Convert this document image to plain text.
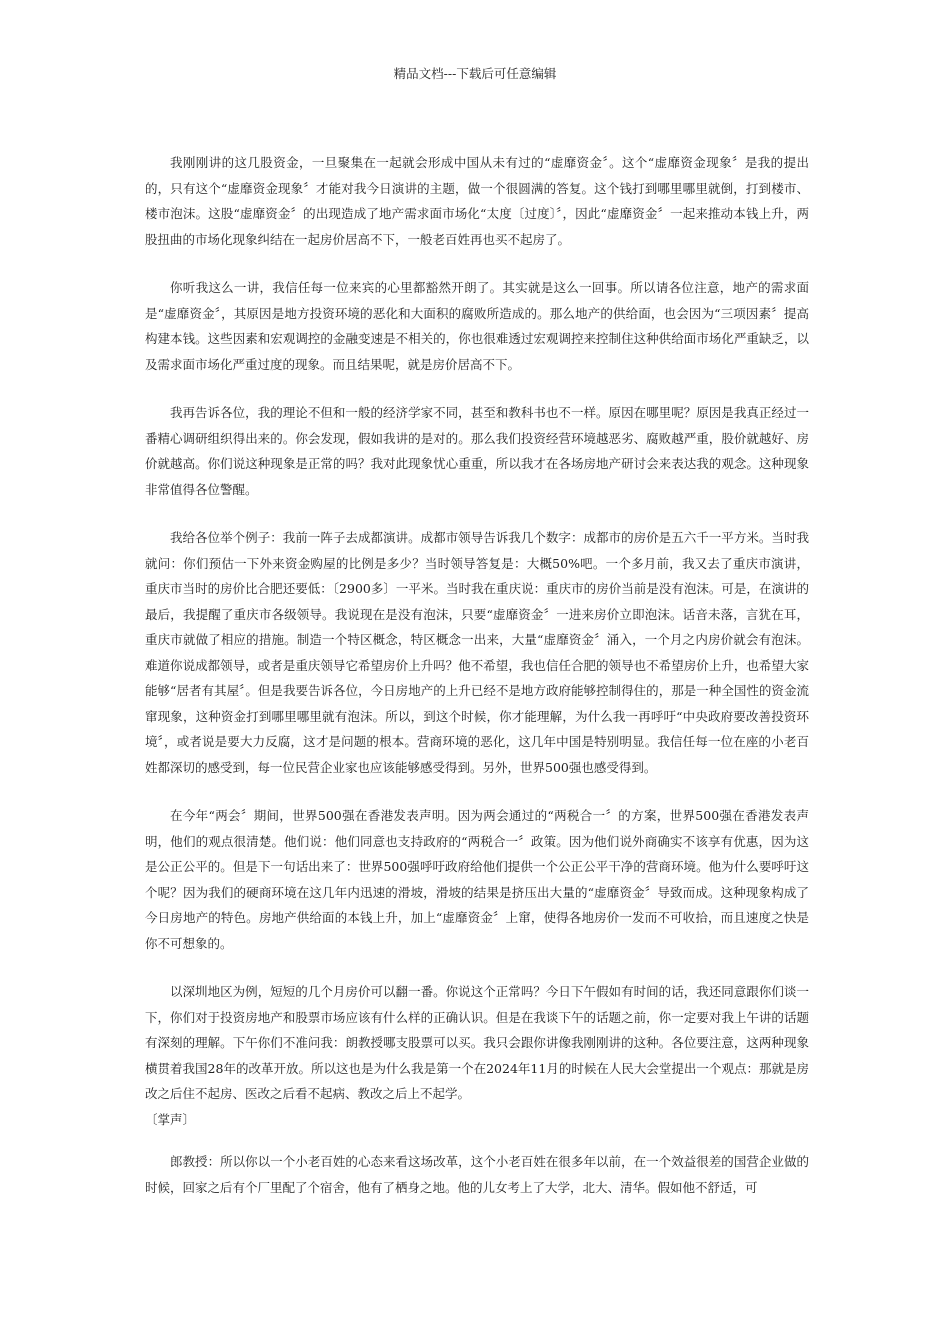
精品文档---下载后可任意编辑

我刚刚讲的这几股资金，一旦聚集在一起就会形成中国从未有过的“虚靡资金〞。这个“虚靡资金现象〞是我的提出的，只有这个“虚靡资金现象〞才能对我今日演讲的主题，做一个很圆满的答复。这个钱打到哪里哪里就倒，打到楼市、楼市泡沫。这股“虚靡资金〞的出现造成了地产需求面市场化“太度〔过度〕〞，因此“虚靡资金〞一起来推动本钱上升，两股扭曲的市场化现象纠结在一起房价居高不下，一般老百姓再也买不起房了。

你听我这么一讲，我信任每一位来宾的心里都豁然开朗了。其实就是这么一回事。所以请各位注意，地产的需求面是“虚靡资金〞，其原因是地方投资环境的恶化和大面积的腐败所造成的。那么地产的供给面，也会因为“三项因素〞提高构建本钱。这些因素和宏观调控的金融变速是不相关的，你也很难透过宏观调控来控制住这种供给面市场化严重缺乏，以及需求面市场化严重过度的现象。而且结果呢，就是房价居高不下。

我再告诉各位，我的理论不但和一般的经济学家不同，甚至和教科书也不一样。原因在哪里呢？原因是我真正经过一番精心调研组织得出来的。你会发现，假如我讲的是对的。那么我们投资经营环境越恶劣、腐败越严重，股价就越好、房价就越高。你们说这种现象是正常的吗？我对此现象忧心重重，所以我才在各场房地产研讨会来表达我的观念。这种现象非常值得各位警醒。

我给各位举个例子：我前一阵子去成都演讲。成都市领导告诉我几个数字：成都市的房价是五六千一平方米。当时我就问：你们预估一下外来资金购屋的比例是多少？当时领导答复是：大概50%吧。一个多月前，我又去了重庆市演讲，重庆市当时的房价比合肥还要低：〔2900多〕一平米。当时我在重庆说：重庆市的房价当前是没有泡沫。可是，在演讲的最后，我提醒了重庆市各级领导。我说现在是没有泡沫，只要“虚靡资金〞一进来房价立即泡沫。话音未落，言犹在耳，重庆市就做了相应的措施。制造一个特区概念，特区概念一出来，大量“虚靡资金〞涌入，一个月之内房价就会有泡沫。难道你说成都领导，或者是重庆领导它希望房价上升吗？他不希望，我也信任合肥的领导也不希望房价上升，也希望大家能够“居者有其屋〞。但是我要告诉各位，今日房地产的上升已经不是地方政府能够控制得住的，那是一种全国性的资金流窜现象，这种资金打到哪里哪里就有泡沫。所以，到这个时候，你才能理解，为什么我一再呼吁“中央政府要改善投资环境〞，或者说是要大力反腐，这才是问题的根本。营商环境的恶化，这几年中国是特别明显。我信任每一位在座的小老百姓都深切的感受到，每一位民营企业家也应该能够感受得到。另外，世界500强也感受得到。

在今年“两会〞期间，世界500强在香港发表声明。因为两会通过的“两税合一〞的方案，世界500强在香港发表声明，他们的观点很清楚。他们说：他们同意也支持政府的“两税合一〞政策。因为他们说外商确实不该享有优惠，因为这是公正公平的。但是下一句话出来了：世界500强呼吁政府给他们提供一个公正公平干净的营商环境。他为什么要呼吁这个呢？因为我们的硬商环境在这几年内迅速的滑坡，滑坡的结果是挤压出大量的“虚靡资金〞导致而成。这种现象构成了今日房地产的特色。房地产供给面的本钱上升，加上“虚靡资金〞上窜，使得各地房价一发而不可收拾，而且速度之快是你不可想象的。

以深圳地区为例，短短的几个月房价可以翻一番。你说这个正常吗？今日下午假如有时间的话，我还同意跟你们谈一下，你们对于投资房地产和股票市场应该有什么样的正确认识。但是在我谈下午的话题之前，你一定要对我上午讲的话题有深刻的理解。下午你们不准问我：朗教授哪支股票可以买。我只会跟你讲像我刚刚讲的这种。各位要注意，这两种现象横贯着我国28年的改革开放。所以这也是为什么我是第一个在2024年11月的时候在人民大会堂提出一个观点：那就是房改之后住不起房、医改之后看不起病、教改之后上不起学。

〔掌声〕

郎教授：所以你以一个小老百姓的心态来看这场改革，这个小老百姓在很多年以前，在一个效益很差的国营企业做的时候，回家之后有个厂里配了个宿舍，他有了栖身之地。他的儿女考上了大学，北大、清华。假如他不舒适，可
